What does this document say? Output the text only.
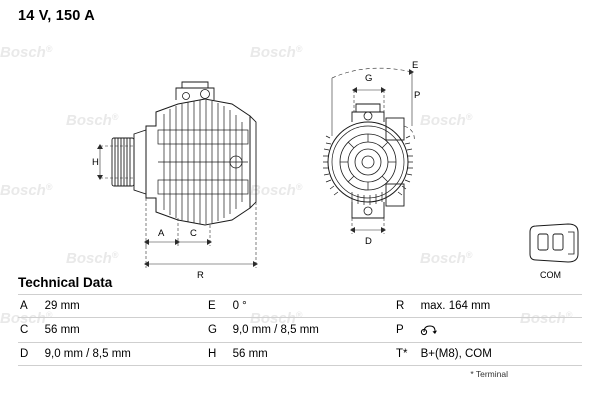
Bosch®
Bosch®
Bosch®
Bosch®
Bosch®
Bosch®
Bosch®
Bosch®
Bosch®
Bosch®	Bosch®
14 V, 150 A
H
A	C
R
E
G
P
D
COM
Technical Data
A	29 mm	E	0 °	R	max. 164 mm
C	56 mm	G	9,0 mm / 8,5 mm	P	

D	9,0 mm / 8,5 mm	H	56 mm	T*	B+(M8), COM
* Terminal
